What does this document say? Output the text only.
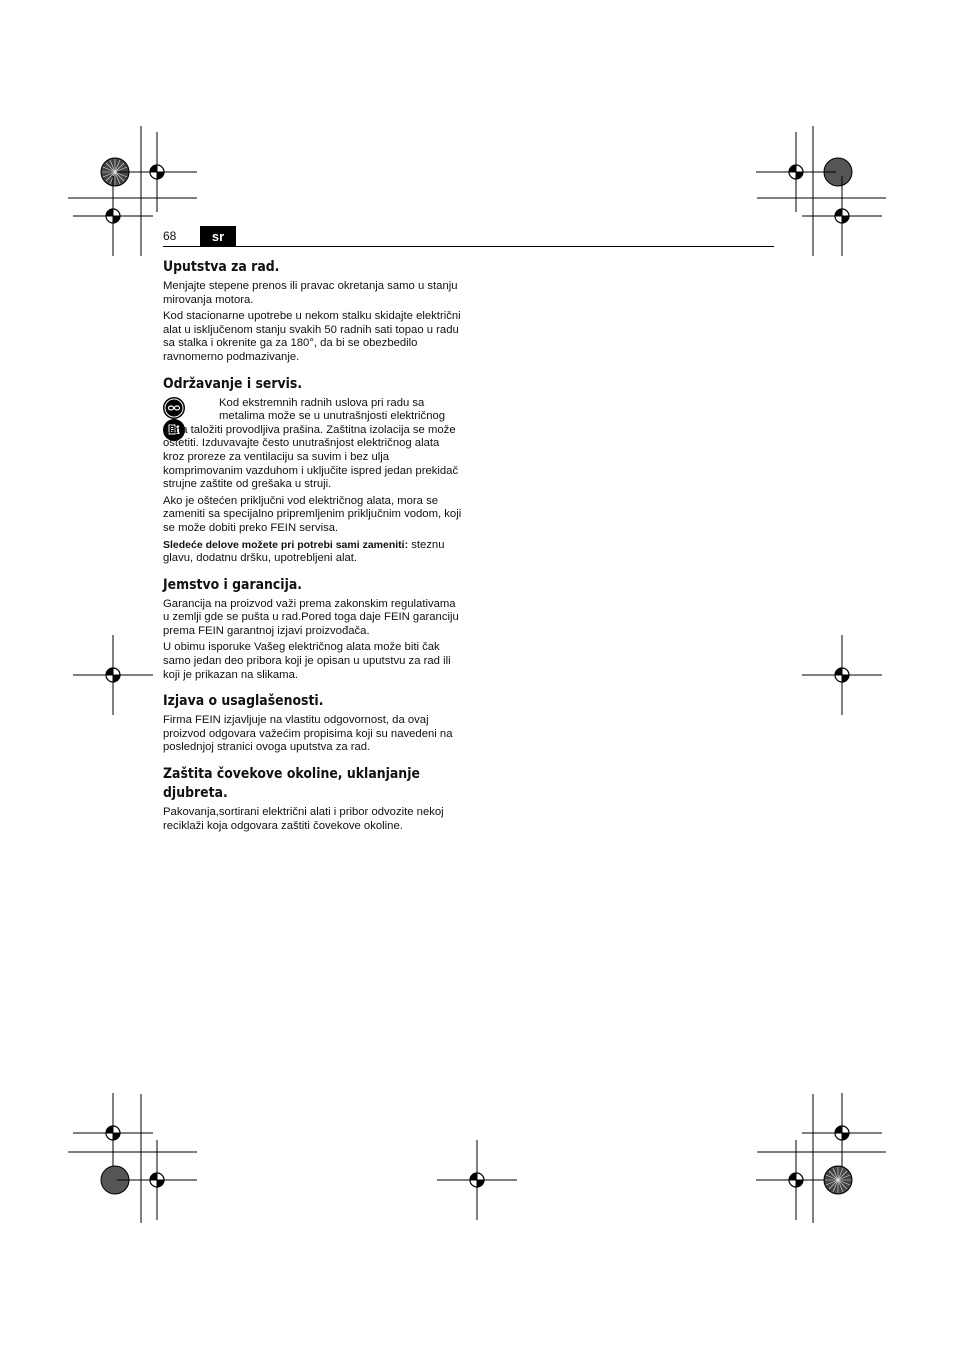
68	sr
Uputstva za rad.

Menjajte stepene prenos ili pravac okretanja samo u stanju mirovanja motora.

Kod stacionarne upotrebe u nekom stalku skidajte električni alat u isključenom stanju svakih 50 radnih sati topao u radu sa stalka i okrenite ga za 180°, da bi se obezbedilo ravnomerno podmazivanje.

Održavanje i servis.

Kod ekstremnih radnih uslova pri radu sa metalima može se u unutrašnjosti električnog alata taložiti provodljiva prašina. Zaštitna izolacija se može oštetiti. Izduvavajte često unutrašnjost električnog alata kroz proreze za ventilaciju sa suvim i bez ulja komprimovanim vazduhom i uključite ispred jedan prekidač strujne zaštite od grešaka u struji.

Ako je oštećen priključni vod električnog alata, mora se zameniti sa specijalno pripremljenim priključnim vodom, koji se može dobiti preko FEIN servisa.

Sledeće delove možete pri potrebi sami zameniti: steznu glavu, dodatnu dršku, upotrebljeni alat.

Jemstvo i garancija.

Garancija na proizvod važi prema zakonskim regulativama u zemlji gde se pušta u rad.Pored toga daje FEIN garanciju prema FEIN garantnoj izjavi proizvođača.

U obimu isporuke Vašeg električnog alata može biti čak samo jedan deo pribora koji je opisan u uputstvu za rad ili koji je prikazan na slikama.

Izjava o usaglašenosti.

Firma FEIN izjavljuje na vlastitu odgovornost, da ovaj proizvod odgovara važećim propisima koji su navedeni na poslednjoj stranici ovoga uputstva za rad.

Zaštita čovekove okoline, uklanjanje djubreta.

Pakovanja,sortirani električni alati i pribor odvozite nekoj reciklaži koja odgovara zaštiti čovekove okoline.
